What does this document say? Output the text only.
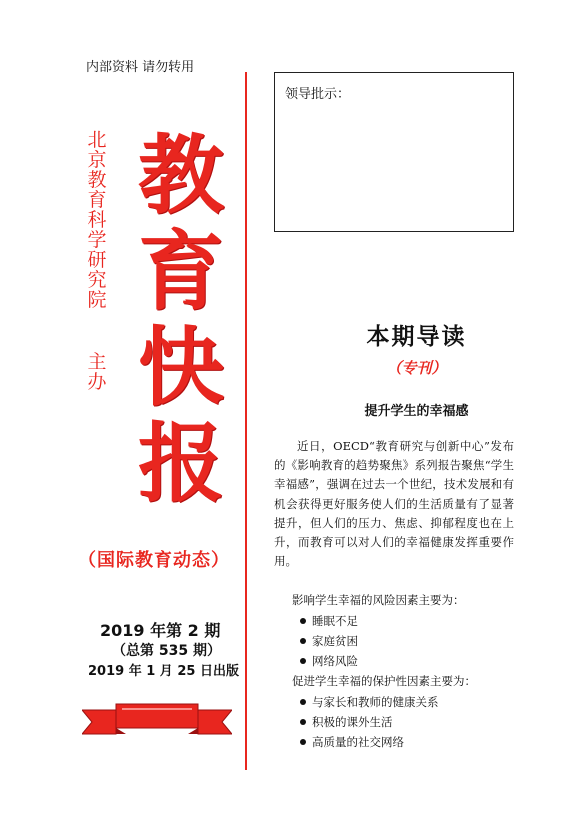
内部资料 请勿转用
北
京
教
育
科
学
研
究
院
主
办
教
育
快
报
（国际教育动态）
2019 年第 2 期
（总第 535 期）
2019 年 1 月 25 日出版
领导批示：
本期导读
（专刊）
提升学生的幸福感
近日，OECD“教育研究与创新中心”发布的《影响教育的趋势聚焦》系列报告聚焦“学生幸福感”，强调在过去一个世纪，技术发展和有机会获得更好服务使人们的生活质量有了显著提升，但人们的压力、焦虑、抑郁程度也在上升，而教育可以对人们的幸福健康发挥重要作用。
影响学生幸福的风险因素主要为：
睡眠不足
家庭贫困
网络风险
促进学生幸福的保护性因素主要为：
与家长和教师的健康关系
积极的课外生活
高质量的社交网络
